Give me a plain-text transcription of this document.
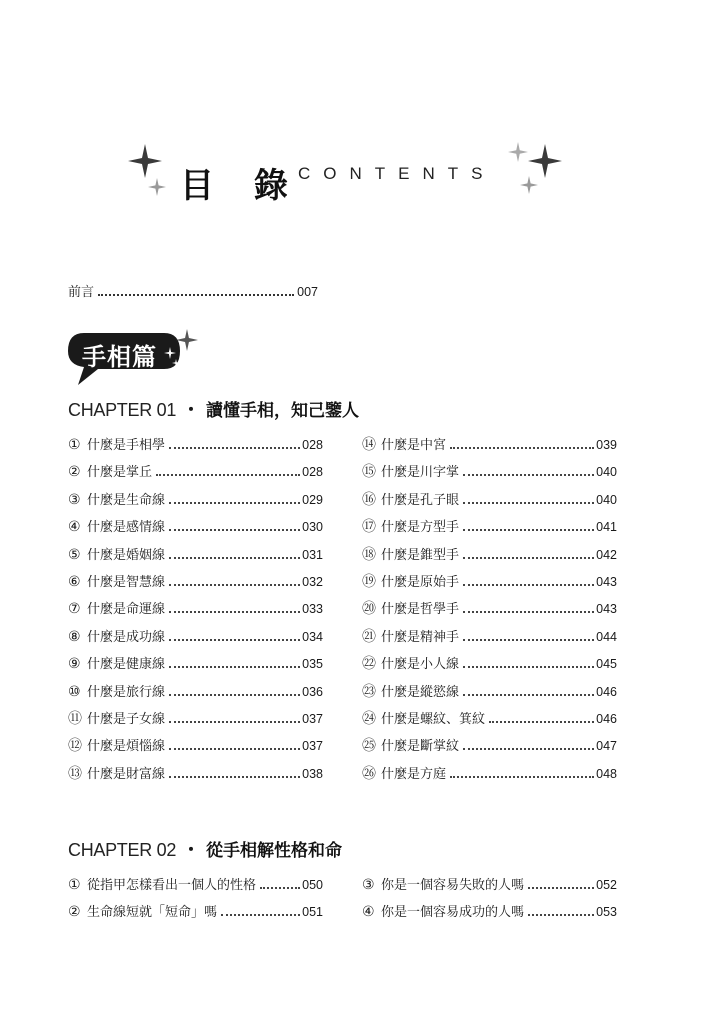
目 錄
CONTENTS
前言	007
手相篇
CHAPTER 01 ・ 讀懂手相，知己鑒人
① 什麼是手相學	028
② 什麼是掌丘	028
③ 什麼是生命線	029
④ 什麼是感情線	030
⑤ 什麼是婚姻線	031
⑥ 什麼是智慧線	032
⑦ 什麼是命運線	033
⑧ 什麼是成功線	034
⑨ 什麼是健康線	035
⑩ 什麼是旅行線	036
⑪ 什麼是子女線	037
⑫ 什麼是煩惱線	037
⑬ 什麼是財富線	038
⑭ 什麼是中宮	039
⑮ 什麼是川字掌	040
⑯ 什麼是孔子眼	040
⑰ 什麼是方型手	041
⑱ 什麼是錐型手	042
⑲ 什麼是原始手	043
⑳ 什麼是哲學手	043
㉑ 什麼是精神手	044
㉒ 什麼是小人線	045
㉓ 什麼是縱慾線	046
㉔ 什麼是螺紋、箕紋	046
㉕ 什麼是斷掌紋	047
㉖ 什麼是方庭	048
CHAPTER 02 ・ 從手相解性格和命
① 從指甲怎樣看出一個人的性格	050
② 生命線短就「短命」嗎	051
③ 你是一個容易失敗的人嗎	052
④ 你是一個容易成功的人嗎	053
